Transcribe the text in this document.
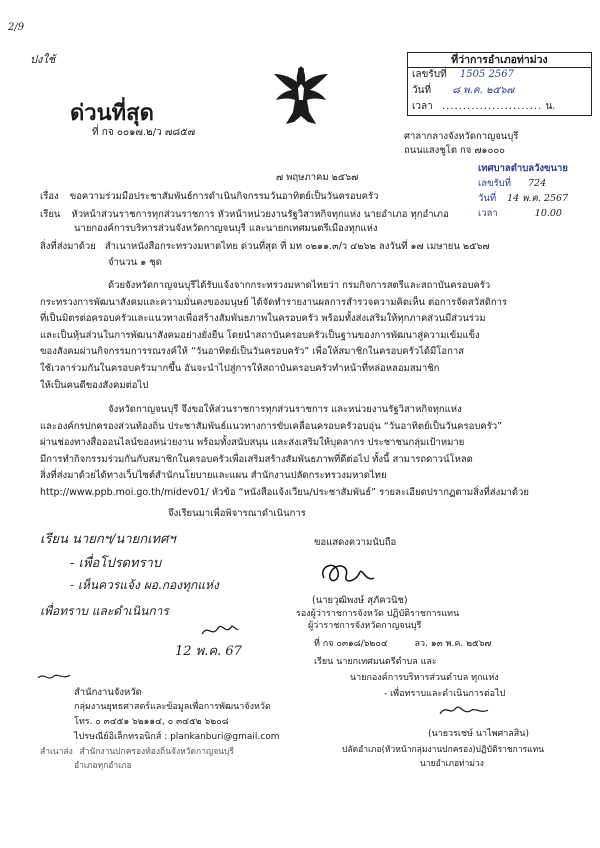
2/9
ปงใช้
ด่วนที่สุด
ที่ กจ ๐๐๑๗.๒/ว ๗๘๕๗
ที่ว่าการอำเภอท่าม่วง
เลขรับที่ 1505 2567
วันที่ ๘ พ.ค. ๒๕๖๗
เวลา ........................ น.
ศาลากลางจังหวัดกาญจนบุรี
ถนนแสงชูโต กจ ๗๑๐๐๐
๗ พฤษภาคม ๒๕๖๗
เทศบาลตำบลวังขนาย
เลขรับที่ 724
วันที่ 14 พ.ค. 2567
เวลา	10.00
เรื่อง ขอความร่วมมือประชาสัมพันธ์การดำเนินกิจกรรมวันอาทิตย์เป็นวันครอบครัว
เรียน หัวหน้าส่วนราชการทุกส่วนราชการ หัวหน้าหน่วยงานรัฐวิสาหกิจทุกแห่ง นายอำเภอ ทุกอำเภอ
นายกองค์การบริหารส่วนจังหวัดกาญจนบุรี และนายกเทศมนตรีเมืองทุกแห่ง
สิ่งที่ส่งมาด้วย สำเนาหนังสือกระทรวงมหาดไทย ด่วนที่สุด ที่ มท ๐๒๑๑.๓/ว ๔๒๖๒ ลงวันที่ ๑๗ เมษายน ๒๕๖๗
จำนวน ๑ ชุด
ด้วยจังหวัดกาญจนบุรีได้รับแจ้งจากกระทรวงมหาดไทยว่า กรมกิจการสตรีและสถาบันครอบครัว
กระทรวงการพัฒนาสังคมและความมั่นคงของมนุษย์ ได้จัดทำรายงานผลการสำรวจความคิดเห็น ต่อการจัดสวัสดิการ
ที่เป็นมิตรต่อครอบครัวและแนวทางเพื่อสร้างสัมพันธภาพในครอบครัว พร้อมทั้งส่งเสริมให้ทุกภาคส่วนมีส่วนร่วม
และเป็นหุ้นส่วนในการพัฒนาสังคมอย่างยั่งยืน โดยนำสถาบันครอบครัวเป็นฐานของการพัฒนาสู่ความเข้มแข็ง
ของสังคมผ่านกิจกรรมการรณรงค์ให้ “วันอาทิตย์เป็นวันครอบครัว” เพื่อให้สมาชิกในครอบครัวได้มีโอกาส
ใช้เวลาร่วมกันในครอบครัวมากขึ้น อันจะนำไปสู่การให้สถาบันครอบครัวทำหน้าที่หล่อหลอมสมาชิก
ให้เป็นคนดีของสังคมต่อไป
จังหวัดกาญจนบุรี จึงขอให้ส่วนราชการทุกส่วนราชการ และหน่วยงานรัฐวิสาหกิจทุกแห่ง
และองค์กรปกครองส่วนท้องถิ่น ประชาสัมพันธ์แนวทางการขับเคลื่อนครอบครัวอบอุ่น “วันอาทิตย์เป็นวันครอบครัว”
ผ่านช่องทางสื่อออนไลน์ของหน่วยงาน พร้อมทั้งสนับสนุน และส่งเสริมให้บุคลากร ประชาชนกลุ่มเป้าหมาย
มีการทำกิจกรรมร่วมกันกับสมาชิกในครอบครัวเพื่อเสริมสร้างสัมพันธภาพที่ดีต่อไป ทั้งนี้ สามารถดาวน์โหลด
สิ่งที่ส่งมาด้วยได้ทางเว็บไซต์สำนักนโยบายและแผน สำนักงานปลัดกระทรวงมหาดไทย
http://www.ppb.moi.go.th/midev01/ หัวข้อ “หนังสือแจ้งเวียน/ประชาสัมพันธ์” รายละเอียดปรากฏตามสิ่งที่ส่งมาด้วย
จึงเรียนมาเพื่อพิจารณาดำเนินการ
เรียน นายกฯ/นายกเทศฯ
- เพื่อโปรดทราบ
- เห็นควรแจ้ง ผอ.กองทุกแห่ง
เพื่อทราบ และดำเนินการ
12 พ.ค. 67
ขอแสดงความนับถือ
(นายวุฒิพงษ์ สุภัควนิช)
รองผู้ว่าราชการจังหวัด ปฏิบัติราชการแทน
ผู้ว่าราชการจังหวัดกาญจนบุรี
ที่ กจ ๐๓๑๘/๖๒๐๔	ลว. ๑๓ พ.ค. ๒๕๖๗
เรียน นายกเทศมนตรีตำบล และ
นายกองค์การบริหารส่วนตำบล ทุกแห่ง
- เพื่อทราบและดำเนินการต่อไป
(นายวรเชษ์ นาไพศาลสิน)
ปลัดอำเภอ(หัวหน้ากลุ่มงานปกครอง)ปฏิบัติราชการแทน
นายอำเภอท่าม่วง
สำนักงานจังหวัด
กลุ่มงานยุทธศาสตร์และข้อมูลเพื่อการพัฒนาจังหวัด
โทร. ๐ ๓๔๕๑ ๖๒๑๑๔, ๐ ๓๔๕๒ ๖๒๐๘
ไปรษณีย์อิเล็กทรอนิกส์ : plankanburi@gmail.com
สำเนาส่ง สำนักงานปกครองท้องถิ่นจังหวัดกาญจนบุรี
อำเภอทุกอำเภอ
